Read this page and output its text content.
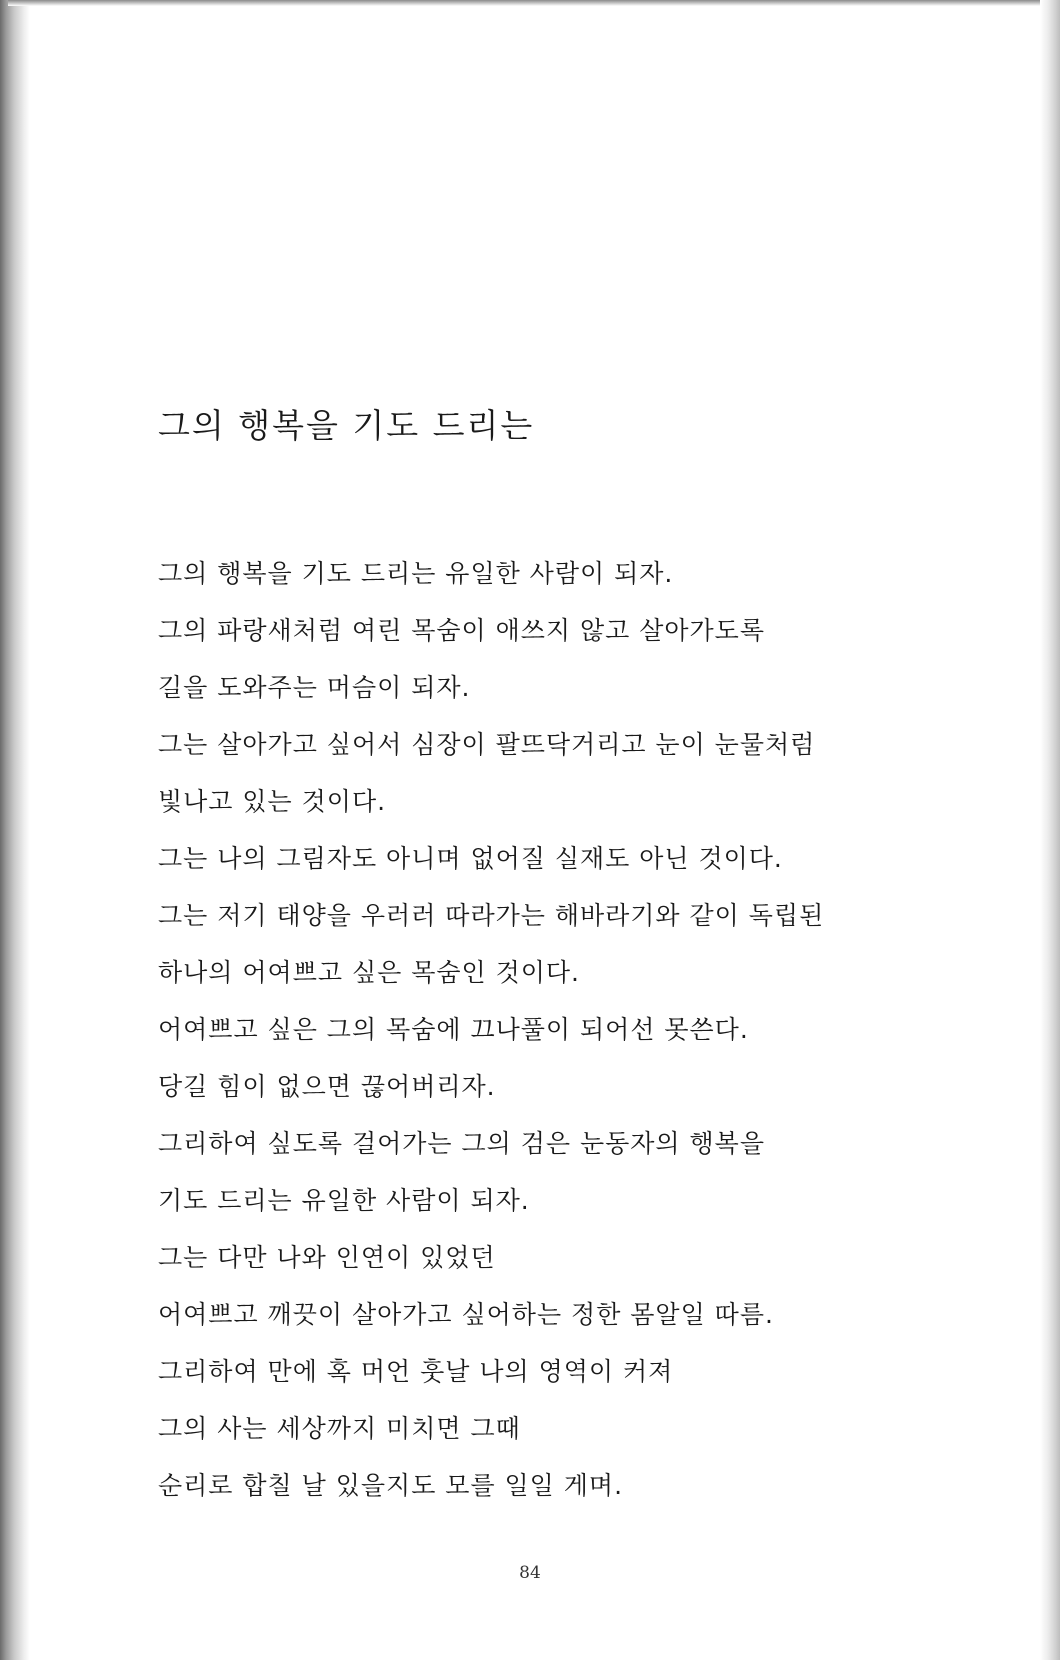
그의 행복을 기도 드리는
그의 행복을 기도 드리는 유일한 사람이 되자.
그의 파랑새처럼 여린 목숨이 애쓰지 않고 살아가도록
길을 도와주는 머슴이 되자.
그는 살아가고 싶어서 심장이 팔뜨닥거리고 눈이 눈물처럼
빛나고 있는 것이다.
그는 나의 그림자도 아니며 없어질 실재도 아닌 것이다.
그는 저기 태양을 우러러 따라가는 해바라기와 같이 독립된
하나의 어여쁘고 싶은 목숨인 것이다.
어여쁘고 싶은 그의 목숨에 끄나풀이 되어선 못쓴다.
당길 힘이 없으면 끊어버리자.
그리하여 싶도록 걸어가는 그의 검은 눈동자의 행복을
기도 드리는 유일한 사람이 되자.
그는 다만 나와 인연이 있었던
어여쁘고 깨끗이 살아가고 싶어하는 정한 몸알일 따름.
그리하여 만에 혹 머언 훗날 나의 영역이 커져
그의 사는 세상까지 미치면 그때
순리로 합칠 날 있을지도 모를 일일 게며.
84
